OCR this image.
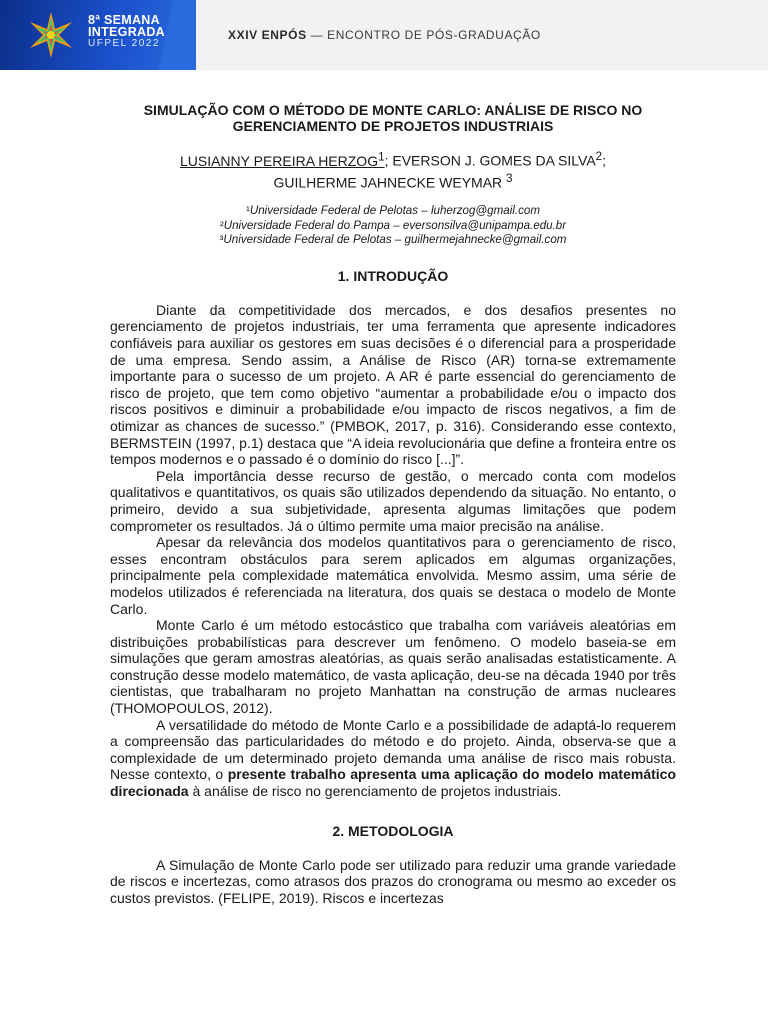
8ª SEMANA
INTEGRADA
UFPEL 2022
XXIV ENPÓS — ENCONTRO DE PÓS-GRADUAÇÃO
SIMULAÇÃO COM O MÉTODO DE MONTE CARLO: ANÁLISE DE RISCO NO
GERENCIAMENTO DE PROJETOS INDUSTRIAIS
LUSIANNY PEREIRA HERZOG$^1$; EVERSON J. GOMES DA SILVA$^2$;
GUILHERME JAHNECKE WEYMAR $^3$
¹Universidade Federal de Pelotas – luherzog@gmail.com
²Universidade Federal do Pampa – eversonsilva@unipampa.edu.br
³Universidade Federal de Pelotas – guilhermejahnecke@gmail.com
1. INTRODUÇÃO

Diante da competitividade dos mercados, e dos desafios presentes no gerenciamento de projetos industriais, ter uma ferramenta que apresente indicadores confiáveis para auxiliar os gestores em suas decisões é o diferencial para a prosperidade de uma empresa. Sendo assim, a Análise de Risco (AR) torna-se extremamente importante para o sucesso de um projeto. A AR é parte essencial do gerenciamento de risco de projeto, que tem como objetivo “aumentar a probabilidade e/ou o impacto dos riscos positivos e diminuir a probabilidade e/ou impacto de riscos negativos, a fim de otimizar as chances de sucesso.” (PMBOK, 2017, p. 316). Considerando esse contexto, BERMSTEIN (1997, p.1) destaca que “A ideia revolucionária que define a fronteira entre os tempos modernos e o passado é o domínio do risco [...]”.

Pela importância desse recurso de gestão, o mercado conta com modelos qualitativos e quantitativos, os quais são utilizados dependendo da situação. No entanto, o primeiro, devido a sua subjetividade, apresenta algumas limitações que podem comprometer os resultados. Já o último permite uma maior precisão na análise.

Apesar da relevância dos modelos quantitativos para o gerenciamento de risco, esses encontram obstáculos para serem aplicados em algumas organizações, principalmente pela complexidade matemática envolvida. Mesmo assim, uma série de modelos utilizados é referenciada na literatura, dos quais se destaca o modelo de Monte Carlo.

Monte Carlo é um método estocástico que trabalha com variáveis aleatórias em distribuições probabilísticas para descrever um fenômeno. O modelo baseia-se em simulações que geram amostras aleatórias, as quais serão analisadas estatisticamente. A construção desse modelo matemático, de vasta aplicação, deu-se na década 1940 por três cientistas, que trabalharam no projeto Manhattan na construção de armas nucleares (THOMOPOULOS, 2012).

A versatilidade do método de Monte Carlo e a possibilidade de adaptá-lo requerem a compreensão das particularidades do método e do projeto. Ainda, observa-se que a complexidade de um determinado projeto demanda uma análise de risco mais robusta. Nesse contexto, o presente trabalho apresenta uma aplicação do modelo matemático direcionada à análise de risco no gerenciamento de projetos industriais.

2. METODOLOGIA

A Simulação de Monte Carlo pode ser utilizado para reduzir uma grande variedade de riscos e incertezas, como atrasos dos prazos do cronograma ou mesmo ao exceder os custos previstos. (FELIPE, 2019). Riscos e incertezas
